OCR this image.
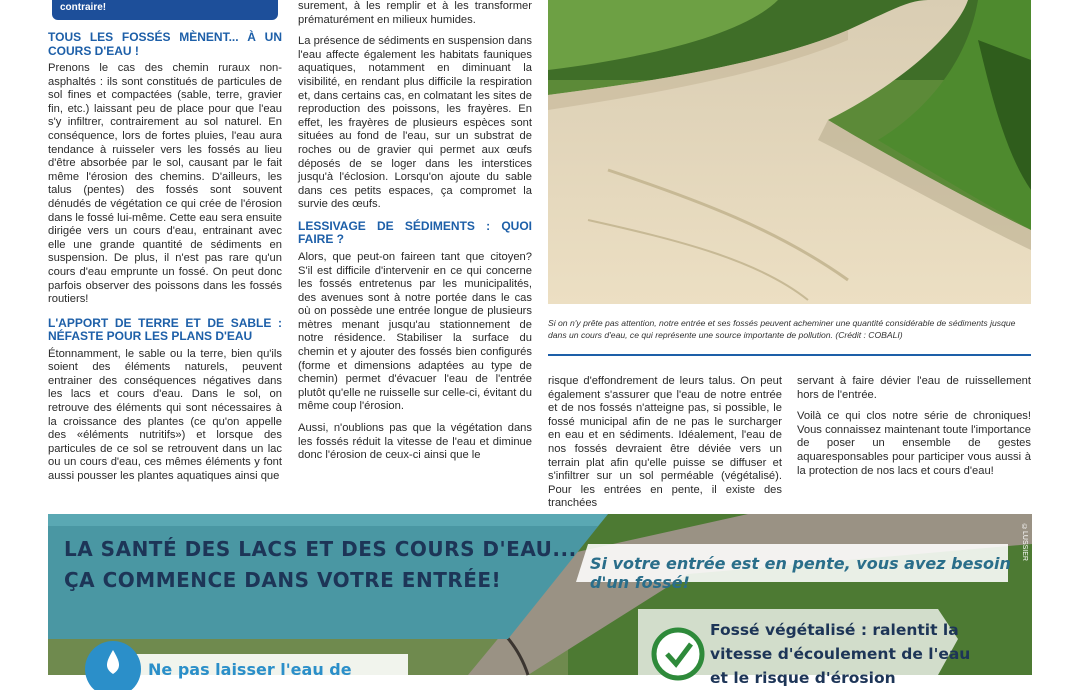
contraire!
TOUS LES FOSSÉS MÈNENT... À UN COURS D'EAU !

Prenons le cas des chemin ruraux non-asphaltés : ils sont constitués de particules de sol fines et compactées (sable, terre, gravier fin, etc.) laissant peu de place pour que l'eau s'y infiltrer, contrairement au sol naturel. En conséquence, lors de fortes pluies, l'eau aura tendance à ruisseler vers les fossés au lieu d'être absorbée par le sol, causant par le fait même l'érosion des chemins. D'ailleurs, les talus (pentes) des fossés sont souvent dénudés de végétation ce qui crée de l'érosion dans le fossé lui-même. Cette eau sera ensuite dirigée vers un cours d'eau, entrainant avec elle une grande quantité de sédiments en suspension. De plus, il n'est pas rare qu'un cours d'eau emprunte un fossé. On peut donc parfois observer des poissons dans les fossés routiers!

L'APPORT DE TERRE ET DE SABLE : NÉFASTE POUR LES PLANS D'EAU

Étonnamment, le sable ou la terre, bien qu'ils soient des éléments naturels, peuvent entrainer des conséquences négatives dans les lacs et cours d'eau. Dans le sol, on retrouve des éléments qui sont nécessaires à la croissance des plantes (ce qu'on appelle des «éléments nutritifs») et lorsque des particules de ce sol se retrouvent dans un lac ou un cours d'eau, ces mêmes éléments y font aussi pousser les plantes aquatiques ainsi que

surement, à les remplir et à les transformer prématurément en milieux humides.

La présence de sédiments en suspension dans l'eau affecte également les habitats fauniques aquatiques, notamment en diminuant la visibilité, en rendant plus difficile la respiration et, dans certains cas, en colmatant les sites de reproduction des poissons, les frayères. En effet, les frayères de plusieurs espèces sont situées au fond de l'eau, sur un substrat de roches ou de gravier qui permet aux œufs déposés de se loger dans les interstices jusqu'à l'éclosion. Lorsqu'on ajoute du sable dans ces petits espaces, ça compromet la survie des œufs.

LESSIVAGE DE SÉDIMENTS : QUOI FAIRE ?

Alors, que peut-on faireen tant que citoyen? S'il est difficile d'intervenir en ce qui concerne les fossés entretenus par les municipalités, des avenues sont à notre portée dans le cas où on possède une entrée longue de plusieurs mètres menant jusqu'au stationnement de notre résidence. Stabiliser la surface du chemin et y ajouter des fossés bien configurés (forme et dimensions adaptées au type de chemin) permet d'évacuer l'eau de l'entrée plutôt qu'elle ne ruisselle sur celle-ci, évitant du même coup l'érosion.

Aussi, n'oublions pas que la végétation dans les fossés réduit la vitesse de l'eau et diminue donc l'érosion de ceux-ci ainsi que le

Si on n'y prête pas attention, notre entrée et ses fossés peuvent acheminer une quantité considérable de sédiments jusque dans un cours d'eau, ce qui représente une source importante de pollution. (Crédit : COBALI)

risque d'effondrement de leurs talus. On peut également s'assurer que l'eau de notre entrée et de nos fossés n'atteigne pas, si possible, le fossé municipal afin de ne pas le surcharger en eau et en sédiments. Idéalement, l'eau de nos fossés devraient être déviée vers un terrain plat afin qu'elle puisse se diffuser et s'infiltrer sur un sol perméable (végétalisé). Pour les entrées en pente, il existe des tranchées

servant à faire dévier l'eau de ruissellement hors de l'entrée.

Voilà ce qui clos notre série de chroniques! Vous connaissez maintenant toute l'importance de poser un ensemble de gestes aquaresponsables pour participer vous aussi à la protection de nos lacs et cours d'eau!

LA SANTÉ DES LACS ET DES COURS D'EAU...
ÇA COMMENCE DANS VOTRE ENTRÉE!
Si votre entrée est en pente, vous avez besoin d'un fossé!
Fossé végétalisé : ralentit la
vitesse d'écoulement de l'eau
et le risque d'érosion
Ne pas laisser l'eau de
©LUSSIER
